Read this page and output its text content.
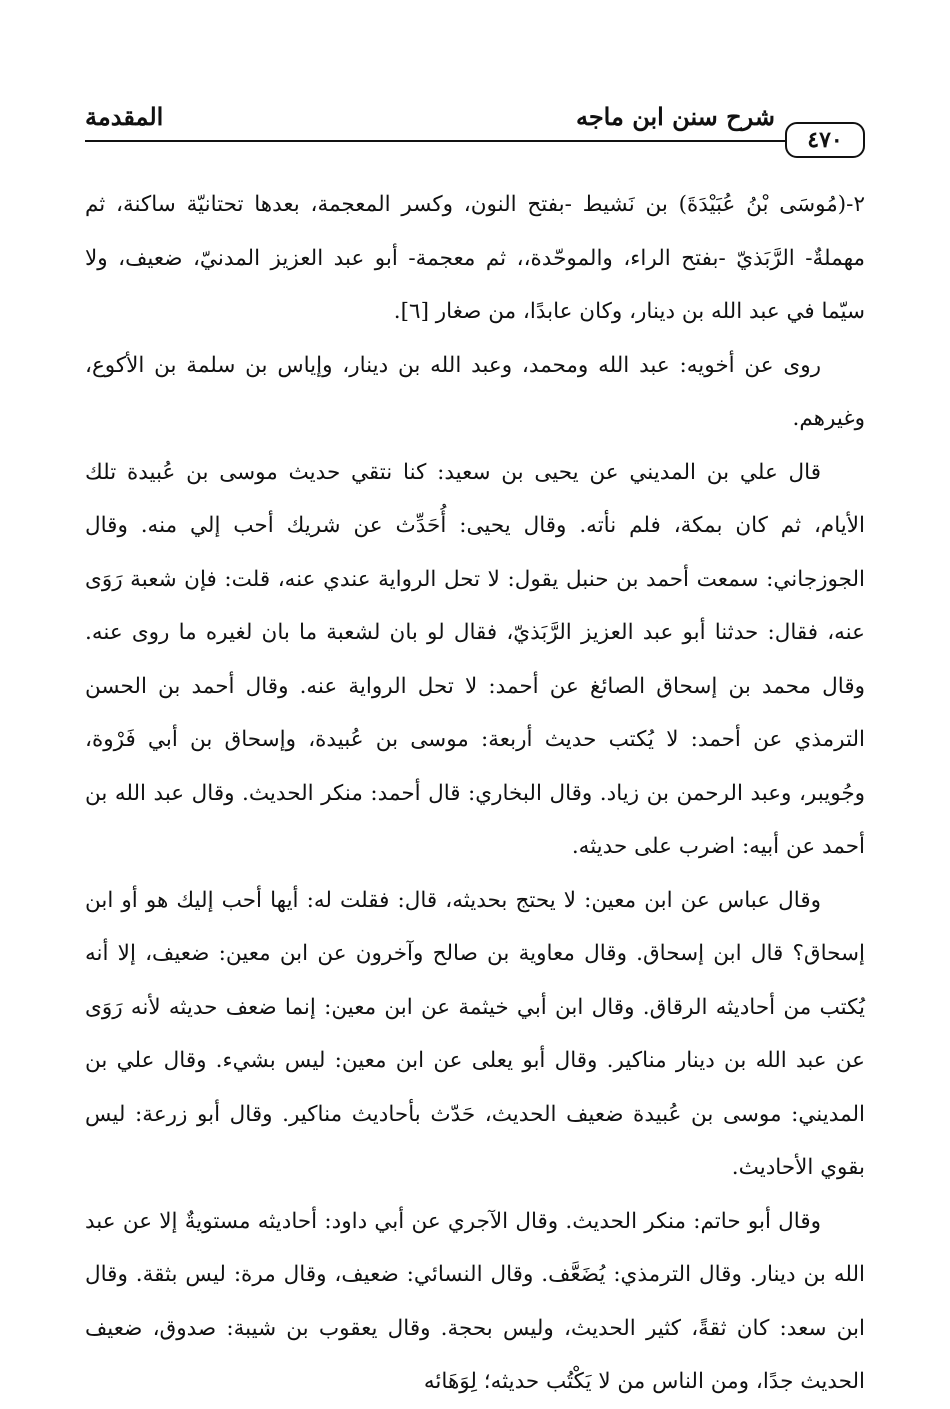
شرح سنن ابن ماجه
المقدمة
٤٧٠

٢-(مُوسَى بْنُ عُبَيْدَةَ) بن نَشيط -بفتح النون، وكسر المعجمة، بعدها تحتانيّة ساكنة، ثم مهملةٌ- الرَّبَذيّ -بفتح الراء، والموحّدة،، ثم معجمة- أبو عبد العزيز المدنيّ، ضعيف، ولا سيّما في عبد الله بن دينار، وكان عابدًا، من صغار [٦].

روى عن أخويه: عبد الله ومحمد، وعبد الله بن دينار، وإياس بن سلمة بن الأكوع، وغيرهم.

قال علي بن المديني عن يحيى بن سعيد: كنا نتقي حديث موسى بن عُبيدة تلك الأيام، ثم كان بمكة، فلم نأته. وقال يحيى: أُحَدِّث عن شريك أحب إلي منه. وقال الجوزجاني: سمعت أحمد بن حنبل يقول: لا تحل الرواية عندي عنه، قلت: فإن شعبة رَوَى عنه، فقال: حدثنا أبو عبد العزيز الرَّبَذيّ، فقال لو بان لشعبة ما بان لغيره ما روى عنه. وقال محمد بن إسحاق الصائغ عن أحمد: لا تحل الرواية عنه. وقال أحمد بن الحسن الترمذي عن أحمد: لا يُكتب حديث أربعة: موسى بن عُبيدة، وإسحاق بن أبي فَرْوة، وجُويبر، وعبد الرحمن بن زياد. وقال البخاري: قال أحمد: منكر الحديث. وقال عبد الله بن أحمد عن أبيه: اضرب على حديثه.

وقال عباس عن ابن معين: لا يحتج بحديثه، قال: فقلت له: أيها أحب إليك هو أو ابن إسحاق؟ قال ابن إسحاق. وقال معاوية بن صالح وآخرون عن ابن معين: ضعيف، إلا أنه يُكتب من أحاديثه الرقاق. وقال ابن أبي خيثمة عن ابن معين: إنما ضعف حديثه لأنه رَوَى عن عبد الله بن دينار مناكير. وقال أبو يعلى عن ابن معين: ليس بشيء. وقال علي بن المديني: موسى بن عُبيدة ضعيف الحديث، حَدّث بأحاديث مناكير. وقال أبو زرعة: ليس بقوي الأحاديث.

وقال أبو حاتم: منكر الحديث. وقال الآجري عن أبي داود: أحاديثه مستويةٌ إلا عن عبد الله بن دينار. وقال الترمذي: يُضَعَّف. وقال النسائي: ضعيف، وقال مرة: ليس بثقة. وقال ابن سعد: كان ثقةً، كثير الحديث، وليس بحجة. وقال يعقوب بن شيبة: صدوق، ضعيف الحديث جدًا، ومن الناس من لا يَكْتُب حديثه؛ لِوَهَائه
